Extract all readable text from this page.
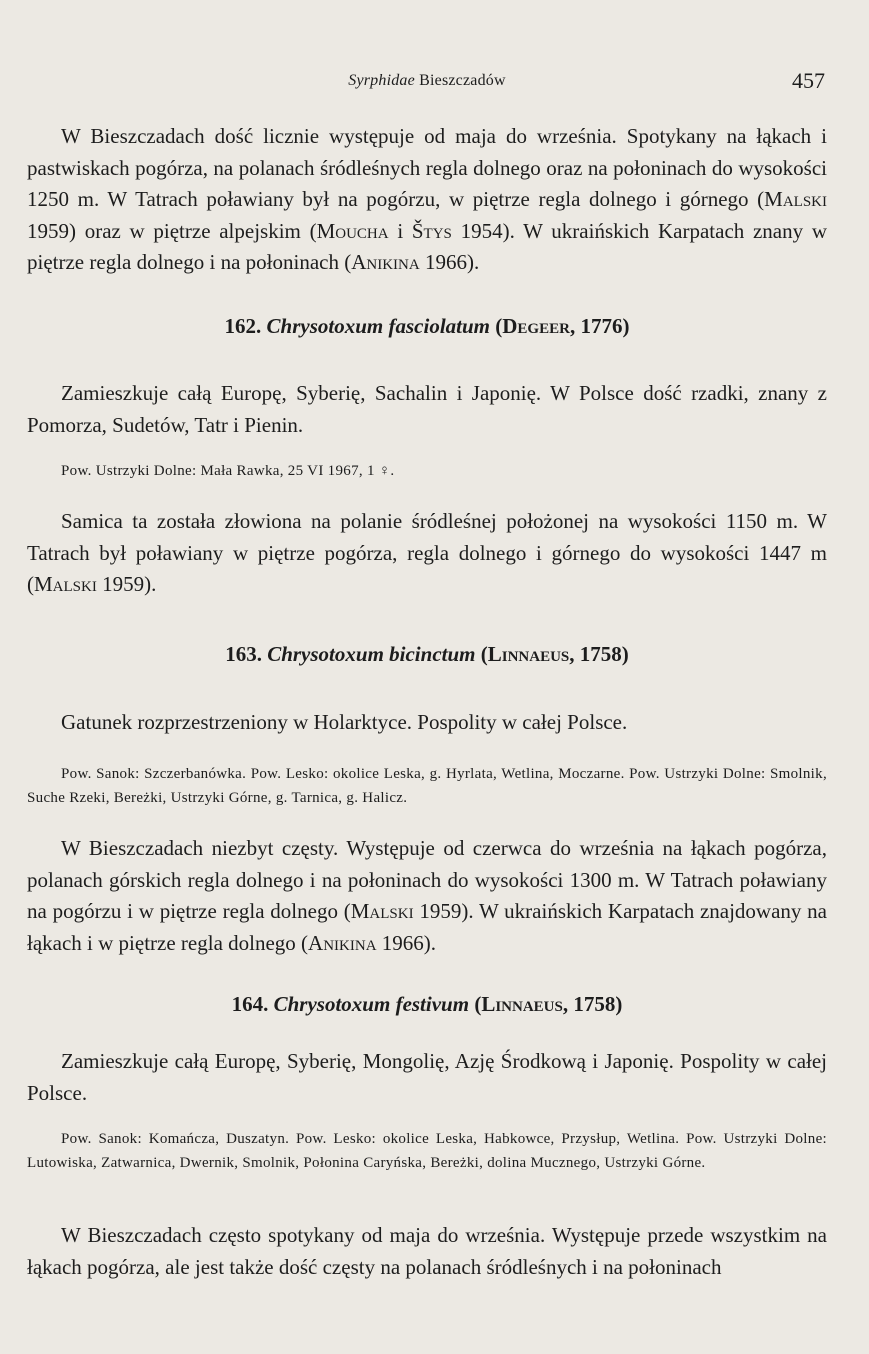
Syrphidae Bieszczadów	457

W Bieszczadach dość licznie występuje od maja do września. Spotykany na łąkach i pastwiskach pogórza, na polanach śródleśnych regla dolnego oraz na połoninach do wysokości 1250 m. W Tatrach poławiany był na pogórzu, w piętrze regla dolnego i górnego (Malski 1959) oraz w piętrze alpejskim (Moucha i Štys 1954). W ukraińskich Karpatach znany w piętrze regla dolnego i na połoninach (Anikina 1966).

162. Chrysotoxum fasciolatum (Degeer, 1776)

Zamieszkuje całą Europę, Syberię, Sachalin i Japonię. W Polsce dość rzadki, znany z Pomorza, Sudetów, Tatr i Pienin.

Pow. Ustrzyki Dolne: Mała Rawka, 25 VI 1967, 1 ♀.

Samica ta została złowiona na polanie śródleśnej położonej na wysokości 1150 m. W Tatrach był poławiany w piętrze pogórza, regla dolnego i górnego do wysokości 1447 m (Malski 1959).

163. Chrysotoxum bicinctum (Linnaeus, 1758)

Gatunek rozprzestrzeniony w Holarktyce. Pospolity w całej Polsce.

Pow. Sanok: Szczerbanówka. Pow. Lesko: okolice Leska, g. Hyrlata, Wetlina, Moczarne. Pow. Ustrzyki Dolne: Smolnik, Suche Rzeki, Bereżki, Ustrzyki Górne, g. Tarnica, g. Halicz.

W Bieszczadach niezbyt częsty. Występuje od czerwca do września na łąkach pogórza, polanach górskich regla dolnego i na połoninach do wysokości 1300 m. W Tatrach poławiany na pogórzu i w piętrze regla dolnego (Malski 1959). W ukraińskich Karpatach znajdowany na łąkach i w piętrze regla dolnego (Anikina 1966).

164. Chrysotoxum festivum (Linnaeus, 1758)

Zamieszkuje całą Europę, Syberię, Mongolię, Azję Środkową i Japonię. Pospolity w całej Polsce.

Pow. Sanok: Komańcza, Duszatyn. Pow. Lesko: okolice Leska, Habkowce, Przysłup, Wetlina. Pow. Ustrzyki Dolne: Lutowiska, Zatwarnica, Dwernik, Smolnik, Połonina Caryńska, Bereżki, dolina Mucznego, Ustrzyki Górne.

W Bieszczadach często spotykany od maja do września. Występuje przede wszystkim na łąkach pogórza, ale jest także dość częsty na polanach śródleśnych i na połoninach
